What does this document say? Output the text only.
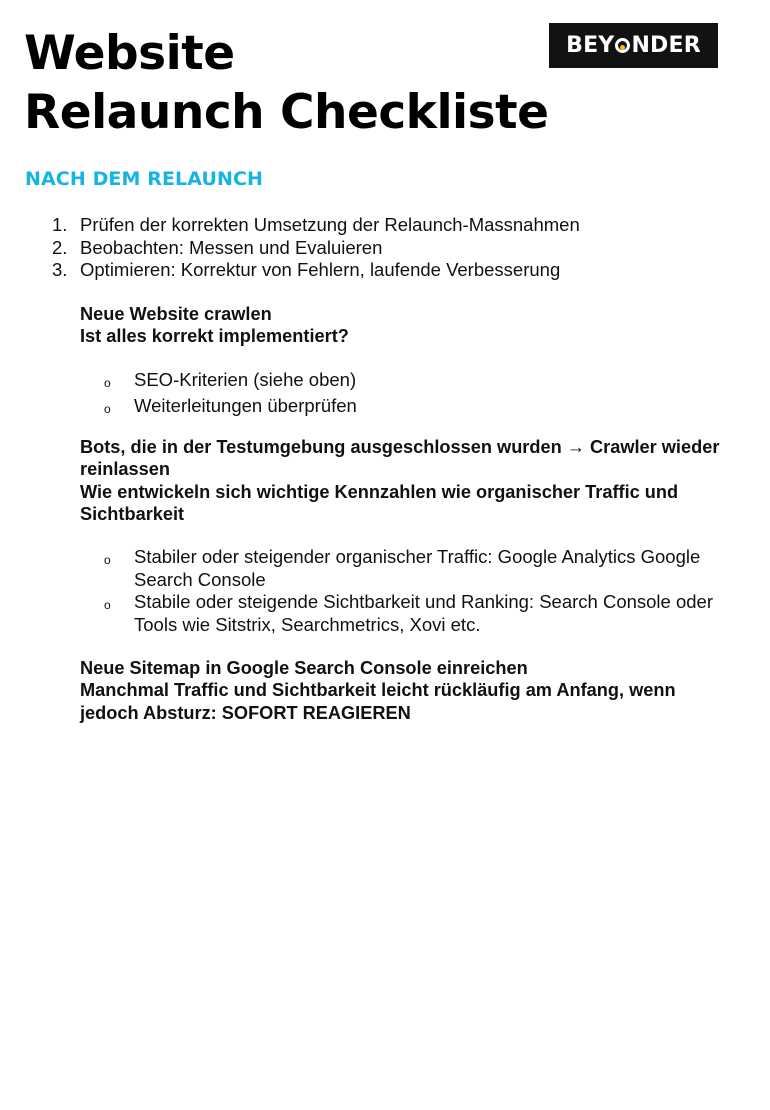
Website
Relaunch Checkliste
BEY NDER
NACH DEM RELAUNCH
1. Prüfen der korrekten Umsetzung der Relaunch-Massnahmen
2. Beobachten: Messen und Evaluieren
3. Optimieren: Korrektur von Fehlern, laufende Verbesserung

Neue Website crawlen

Ist alles korrekt implementiert?

o	SEO-Kriterien (siehe oben)
o	Weiterleitungen überprüfen

Bots, die in der Testumgebung ausgeschlossen wurden → Crawler wieder reinlassen

Wie entwickeln sich wichtige Kennzahlen wie organischer Traffic und Sichtbarkeit

o	Stabiler oder steigender organischer Traffic: Google Analytics Google Search Console
o	Stabile oder steigende Sichtbarkeit und Ranking: Search Console oder Tools wie Sitstrix, Searchmetrics, Xovi etc.

Neue Sitemap in Google Search Console einreichen

Manchmal Traffic und Sichtbarkeit leicht rückläufig am Anfang, wenn jedoch Absturz: SOFORT REAGIEREN
